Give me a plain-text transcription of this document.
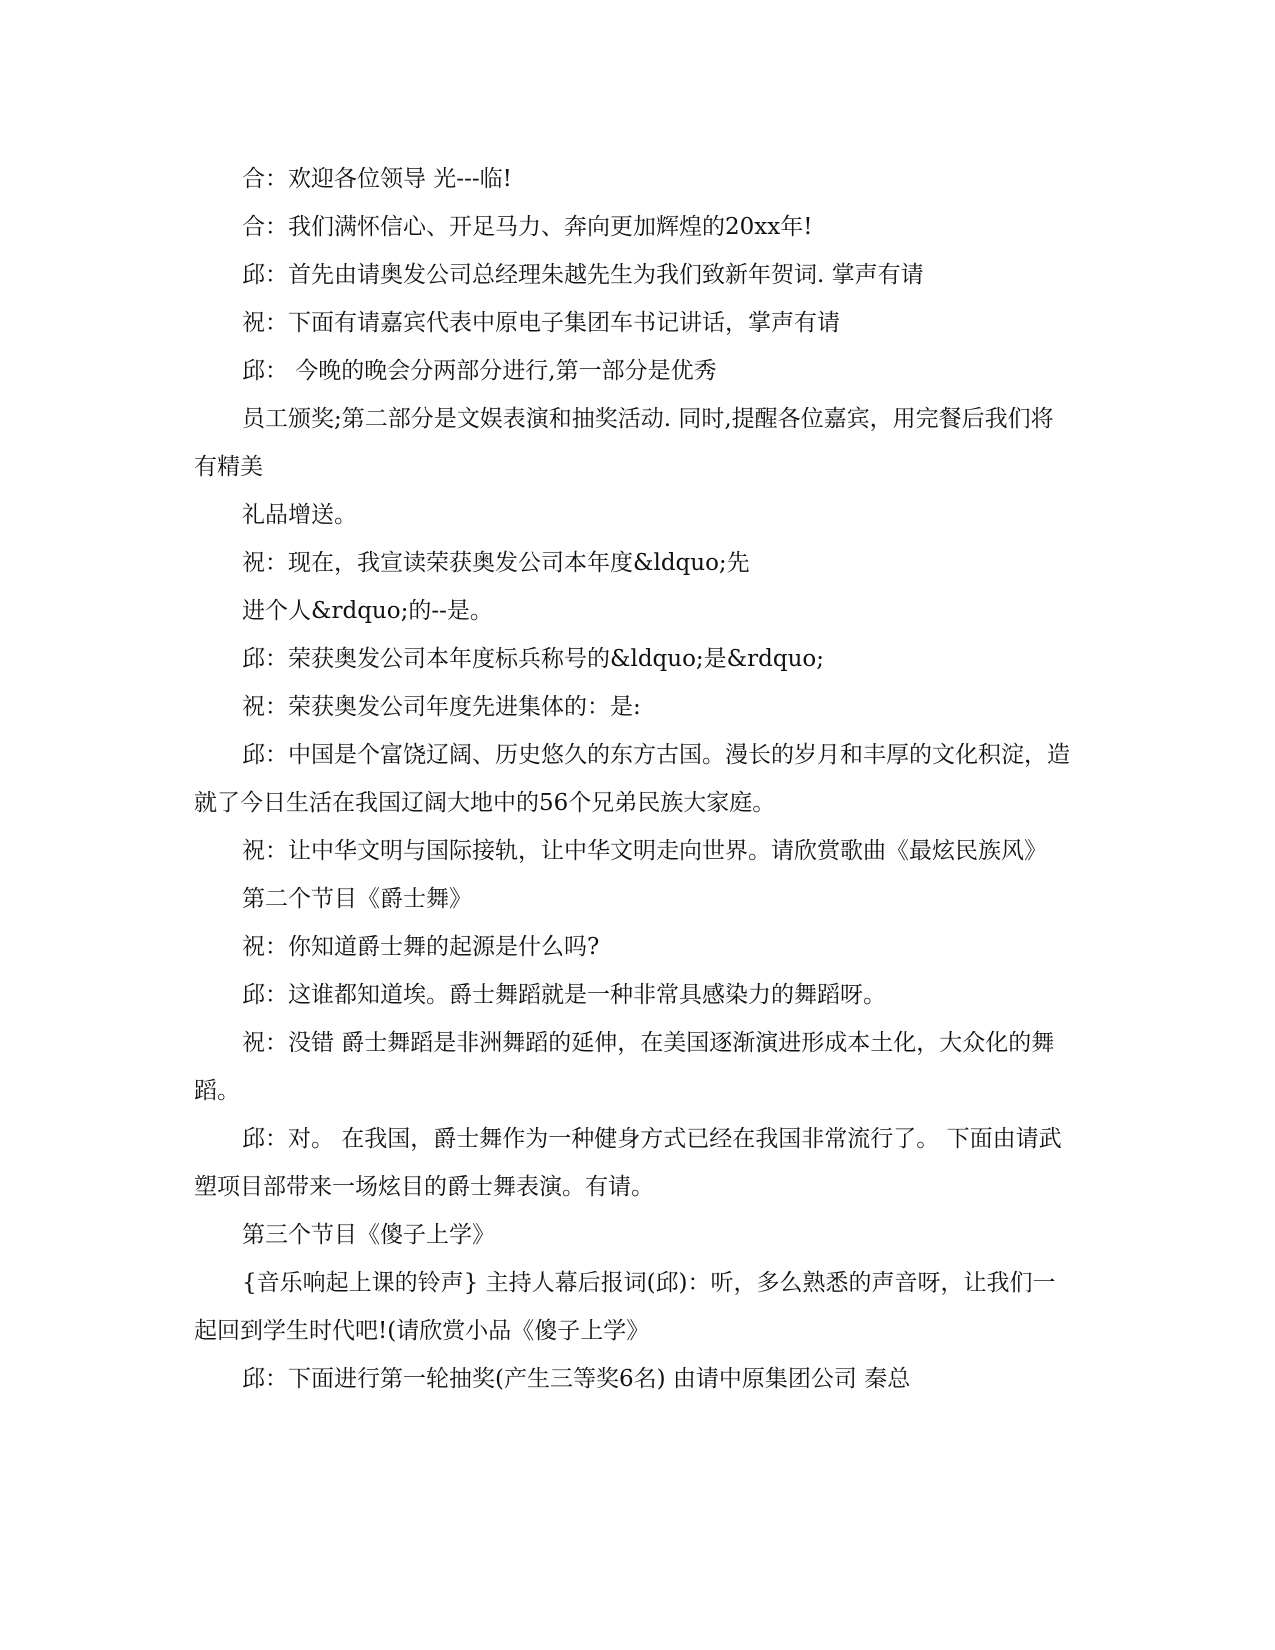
合：欢迎各位领导 光---临!

合：我们满怀信心、开足马力、奔向更加辉煌的20xx年!

邱：首先由请奥发公司总经理朱越先生为我们致新年贺词. 掌声有请

祝：下面有请嘉宾代表中原电子集团车书记讲话，掌声有请

邱： 今晚的晚会分两部分进行,第一部分是优秀

员工颁奖;第二部分是文娱表演和抽奖活动. 同时,提醒各位嘉宾，用完餐后我们将有精美

礼品增送。

祝：现在，我宣读荣获奥发公司本年度&ldquo;先

进个人&rdquo;的--是。

邱：荣获奥发公司本年度标兵称号的&ldquo;是&rdquo;

祝：荣获奥发公司年度先进集体的：是:

邱：中国是个富饶辽阔、历史悠久的东方古国。漫长的岁月和丰厚的文化积淀，造就了今日生活在我国辽阔大地中的56个兄弟民族大家庭。

祝：让中华文明与国际接轨，让中华文明走向世界。请欣赏歌曲《最炫民族风》

第二个节目《爵士舞》

祝：你知道爵士舞的起源是什么吗?

邱：这谁都知道埃。爵士舞蹈就是一种非常具感染力的舞蹈呀。

祝：没错 爵士舞蹈是非洲舞蹈的延伸，在美国逐渐演进形成本土化，大众化的舞蹈。

邱：对。 在我国，爵士舞作为一种健身方式已经在我国非常流行了。 下面由请武塑项目部带来一场炫目的爵士舞表演。有请。

第三个节目《傻子上学》

{音乐响起上课的铃声} 主持人幕后报词(邱)：听，多么熟悉的声音呀，让我们一起回到学生时代吧!(请欣赏小品《傻子上学》

邱：下面进行第一轮抽奖(产生三等奖6名) 由请中原集团公司 秦总
